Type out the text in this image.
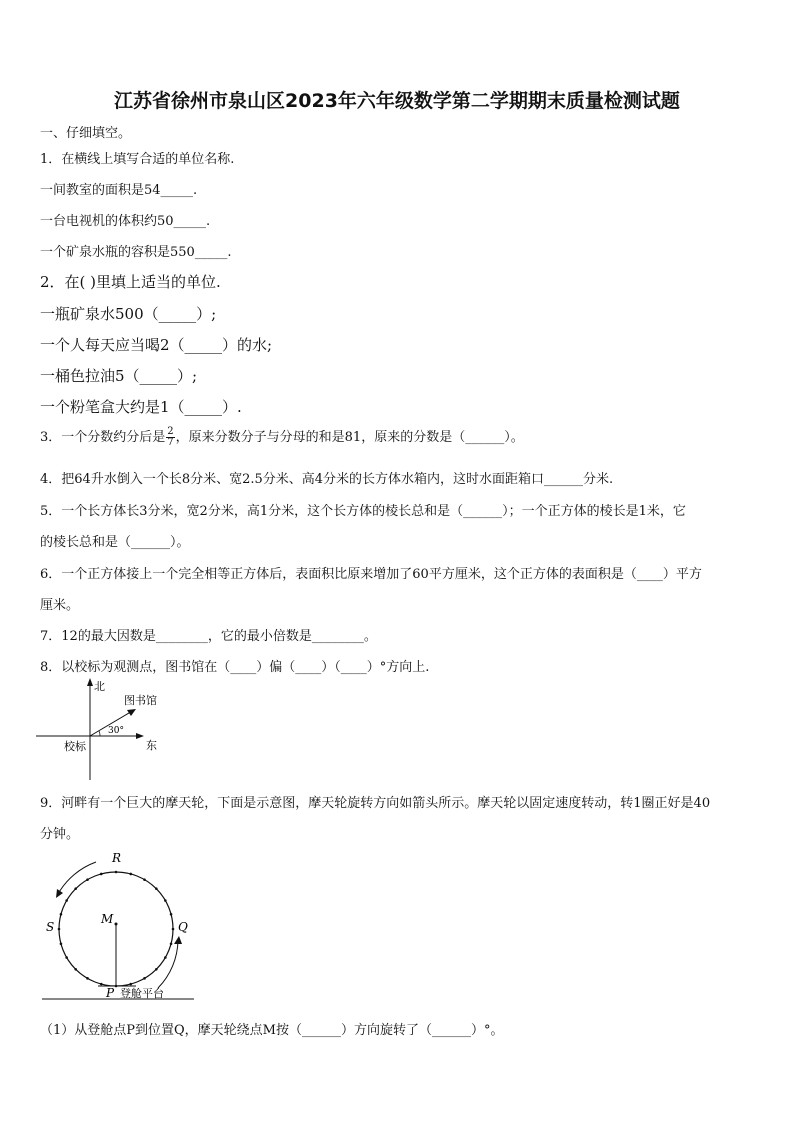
江苏省徐州市泉山区2023年六年级数学第二学期期末质量检测试题
一、仔细填空。
1．在横线上填写合适的单位名称.
一间教室的面积是54_____.
一台电视机的体积约50_____.
一个矿泉水瓶的容积是550_____.
2．在( )里填上适当的单位.
一瓶矿泉水500（_____）;
一个人每天应当喝2（_____）的水;
一桶色拉油5（_____）;
一个粉笔盒大约是1（_____）.
3．一个分数约分后是 $\frac{2}{7}$ ，原来分数分子与分母的和是81，原来的分数是（______）。
4．把64升水倒入一个长8分米、宽2.5分米、高4分米的长方体水箱内，这时水面距箱口______分米.
5．一个长方体长3分米，宽2分米，高1分米，这个长方体的棱长总和是（______）；一个正方体的棱长是1米，它
的棱长总和是（______）。
6．一个正方体接上一个完全相等正方体后，表面积比原来增加了60平方厘米，这个正方体的表面积是（____）平方
厘米。
7．12的最大因数是________，它的最小倍数是________。
8．以校标为观测点，图书馆在（____）偏（____）（____）°方向上.
北
东
校标
图书馆
30°
9．河畔有一个巨大的摩天轮，下面是示意图，摩天轮旋转方向如箭头所示。摩天轮以固定速度转动，转1圈正好是40
分钟。
R
S	Q
M
P 登舱平台
（1）从登舱点P到位置Q，摩天轮绕点M按（______）方向旋转了（______）°。
